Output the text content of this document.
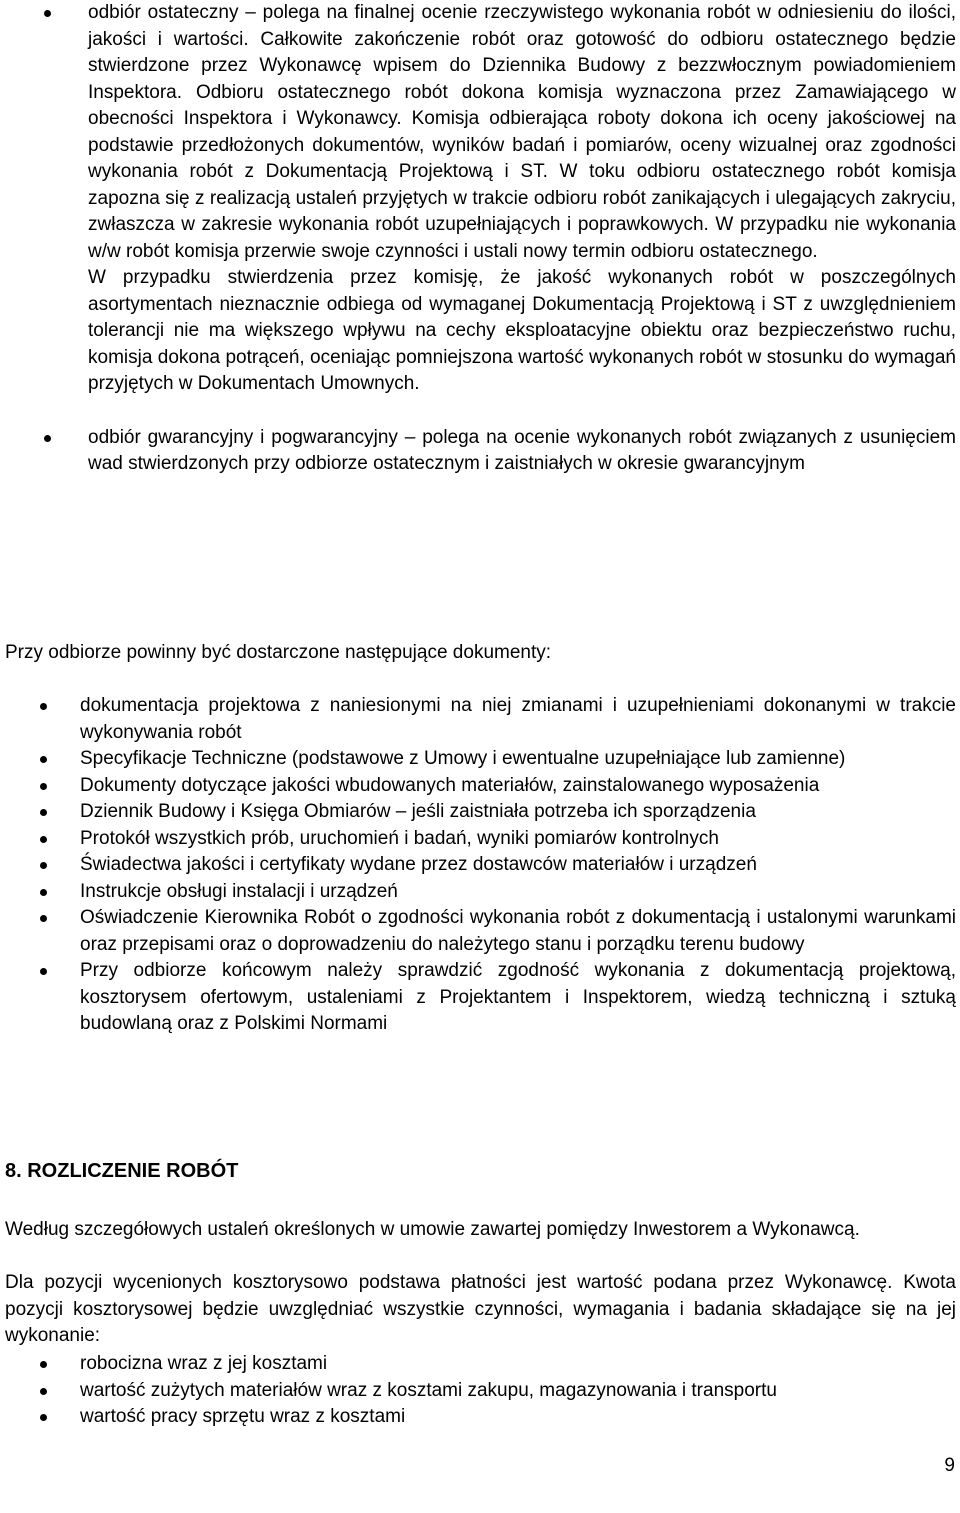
odbiór ostateczny – polega na finalnej ocenie rzeczywistego wykonania robót w odniesieniu do ilości, jakości i wartości. Całkowite zakończenie robót oraz gotowość do odbioru ostatecznego będzie stwierdzone przez Wykonawcę wpisem do Dziennika Budowy z bezzwłocznym powiadomieniem Inspektora. Odbioru ostatecznego robót dokona komisja wyznaczona przez Zamawiającego w obecności Inspektora i Wykonawcy. Komisja odbierająca roboty dokona ich oceny jakościowej na podstawie przedłożonych dokumentów, wyników badań i pomiarów, oceny wizualnej oraz zgodności wykonania robót z Dokumentacją Projektową i ST. W toku odbioru ostatecznego robót komisja zapozna się z realizacją ustaleń przyjętych w trakcie odbioru robót zanikających i ulegających zakryciu, zwłaszcza w zakresie wykonania robót uzupełniających i poprawkowych. W przypadku nie wykonania w/w robót komisja przerwie swoje czynności i ustali nowy termin odbioru ostatecznego.

W przypadku stwierdzenia przez komisję, że jakość wykonanych robót w poszczególnych asortymentach nieznacznie odbiega od wymaganej Dokumentacją Projektową i ST z uwzględnieniem tolerancji nie ma większego wpływu na cechy eksploatacyjne obiektu oraz bezpieczeństwo ruchu, komisja dokona potrąceń, oceniając pomniejszona wartość wykonanych robót w stosunku do wymagań przyjętych w Dokumentach Umownych.

odbiór gwarancyjny i pogwarancyjny – polega na ocenie wykonanych robót związanych z usunięciem wad stwierdzonych przy odbiorze ostatecznym i zaistniałych w okresie gwarancyjnym

Przy odbiorze powinny być dostarczone następujące dokumenty:

dokumentacja projektowa z naniesionymi na niej zmianami i uzupełnieniami dokonanymi w trakcie wykonywania robót
Specyfikacje Techniczne (podstawowe z Umowy i ewentualne uzupełniające lub zamienne)
Dokumenty dotyczące jakości wbudowanych materiałów, zainstalowanego wyposażenia
Dziennik Budowy i Księga Obmiarów – jeśli zaistniała potrzeba ich sporządzenia
Protokół wszystkich prób, uruchomień i badań, wyniki pomiarów kontrolnych
Świadectwa jakości i certyfikaty wydane przez dostawców materiałów i urządzeń
Instrukcje obsługi instalacji i urządzeń
Oświadczenie Kierownika Robót o zgodności wykonania robót z dokumentacją i ustalonymi warunkami oraz przepisami oraz o doprowadzeniu do należytego stanu i porządku terenu budowy
Przy odbiorze końcowym należy sprawdzić zgodność wykonania z dokumentacją projektową, kosztorysem ofertowym, ustaleniami z Projektantem i Inspektorem, wiedzą techniczną i sztuką budowlaną oraz z Polskimi Normami
8. ROZLICZENIE ROBÓT

Według szczegółowych ustaleń określonych w umowie zawartej pomiędzy Inwestorem a Wykonawcą.

Dla pozycji wycenionych kosztorysowo podstawa płatności jest wartość podana przez Wykonawcę. Kwota pozycji kosztorysowej będzie uwzględniać wszystkie czynności, wymagania i badania składające się na jej wykonanie:

robocizna wraz z jej kosztami
wartość zużytych materiałów wraz z kosztami zakupu, magazynowania i transportu
wartość pracy sprzętu wraz z kosztami
9
